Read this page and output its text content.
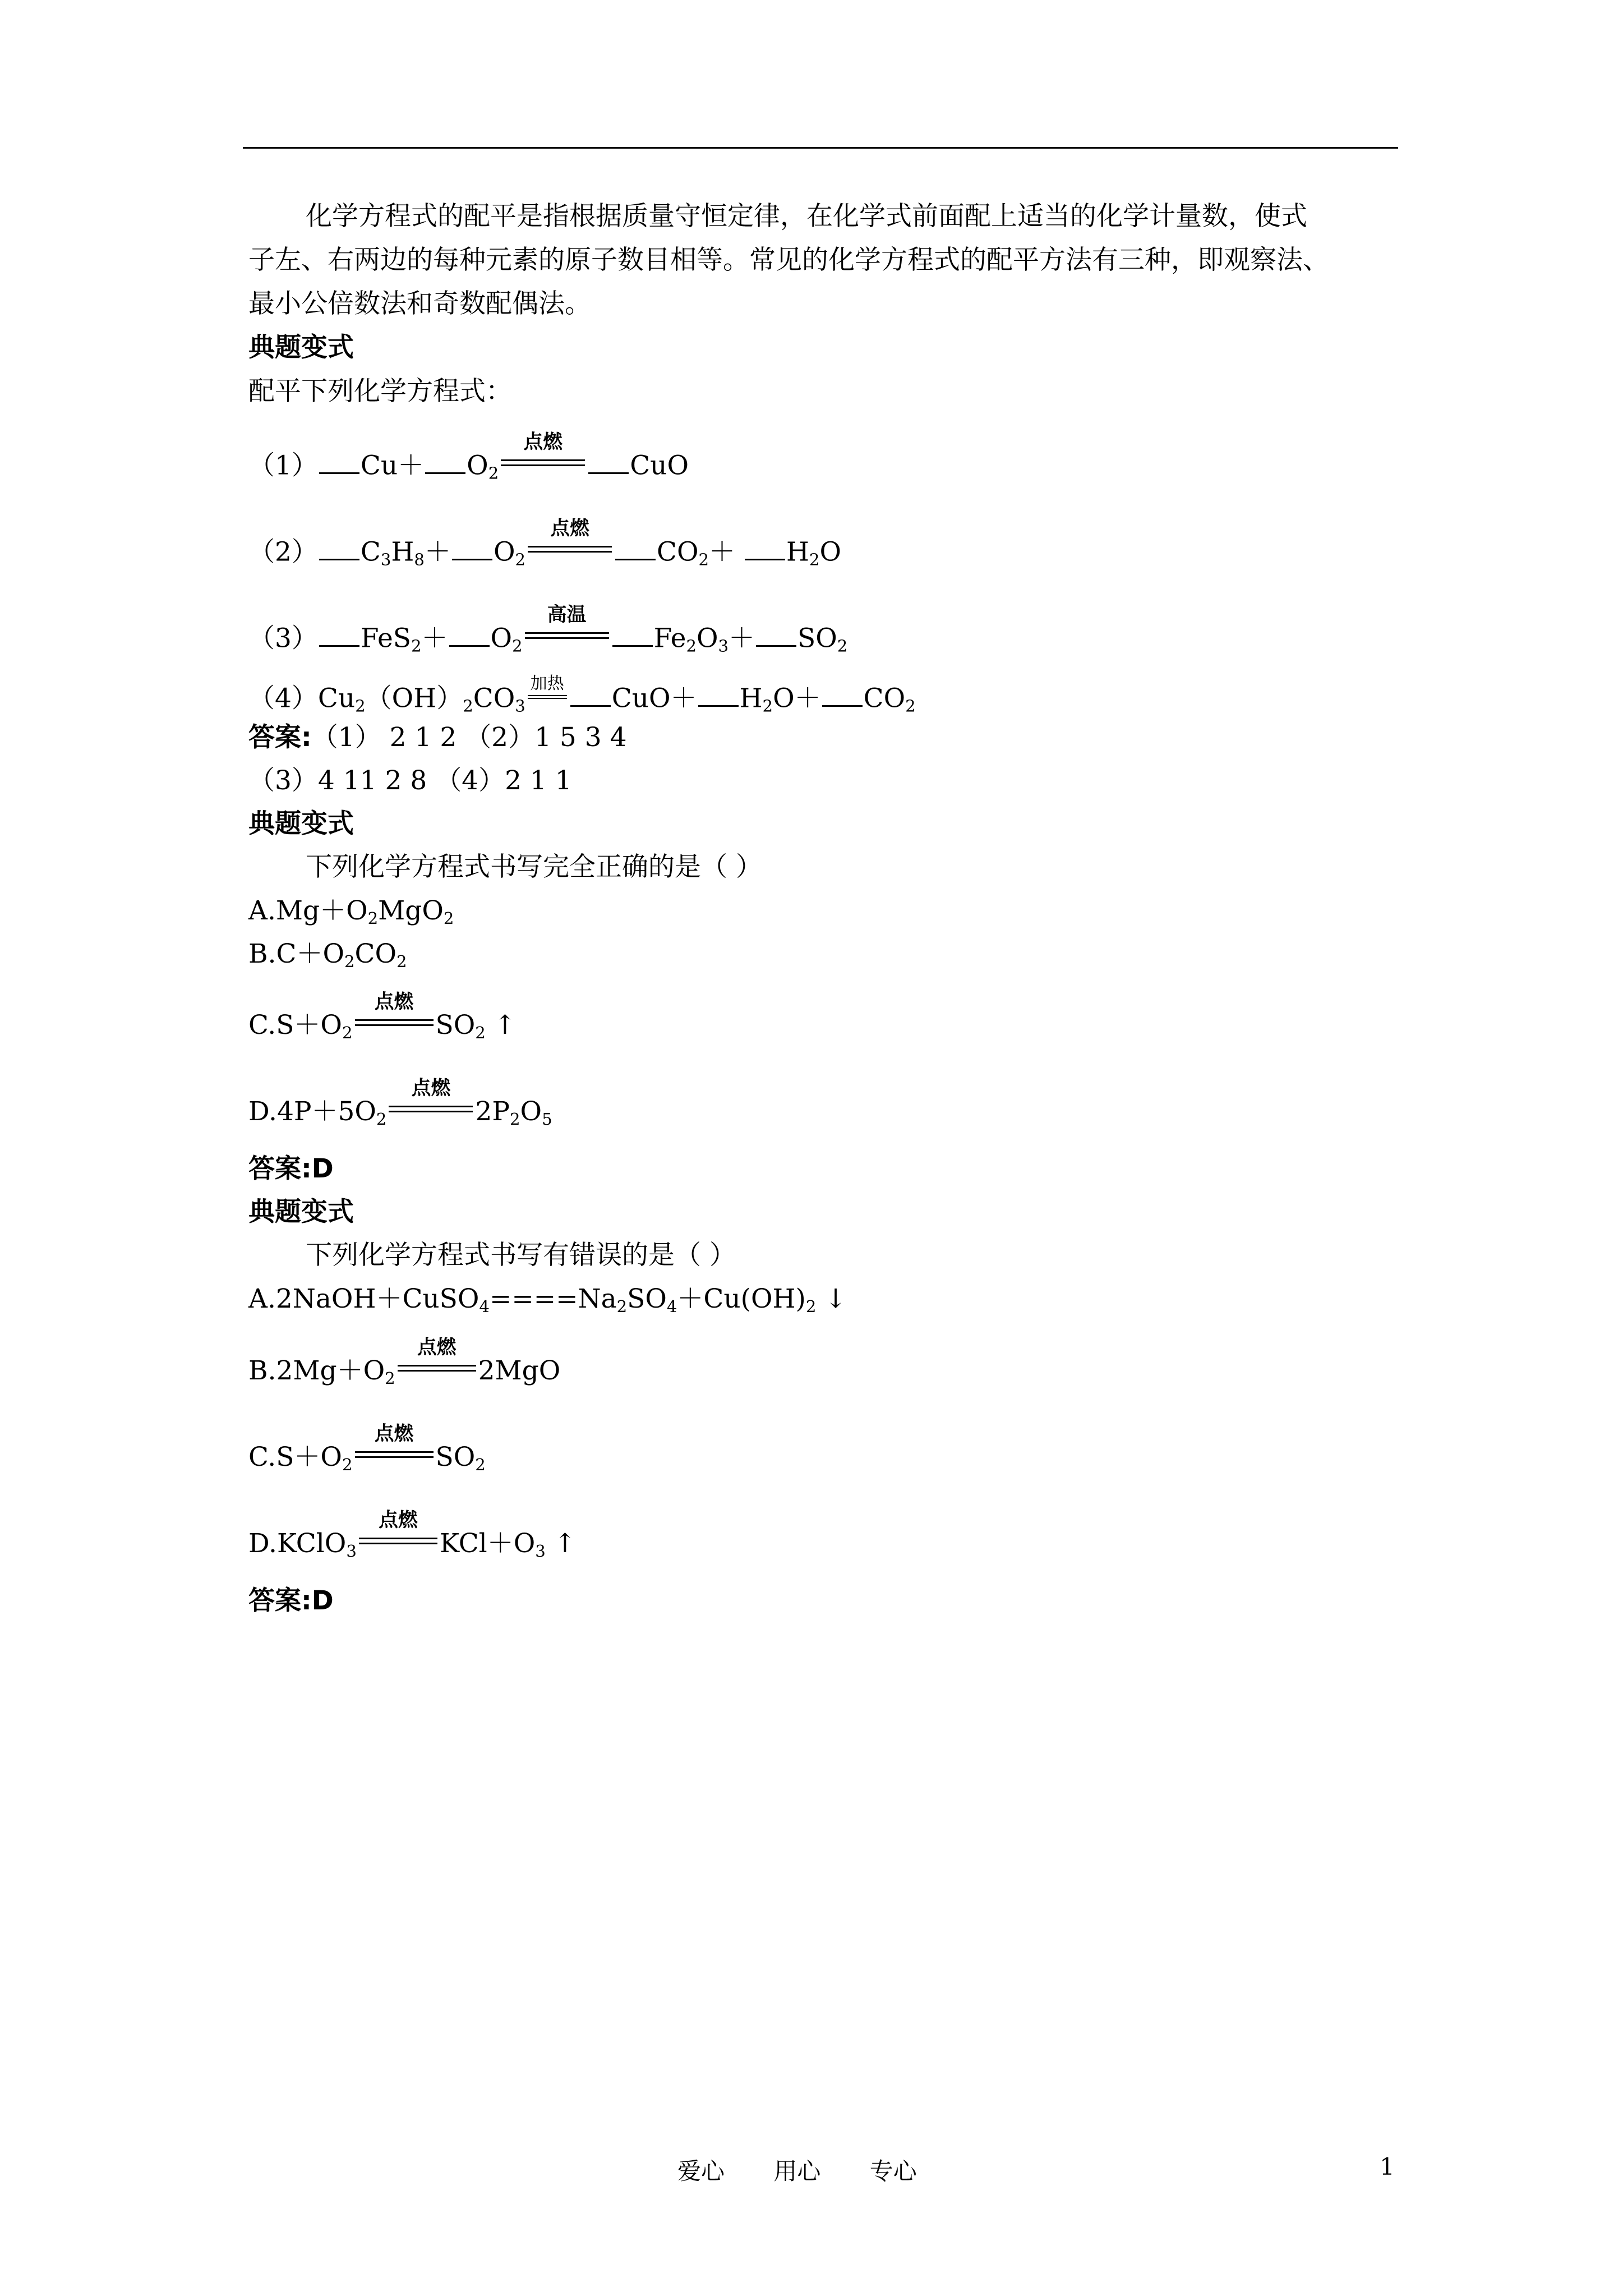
化学方程式的配平是指根据质量守恒定律，在化学式前面配上适当的化学计量数，使式
子左、右两边的每种元素的原子数目相等。常见的化学方程式的配平方法有三种，即观察法、
最小公倍数法和奇数配偶法。
典题变式
配平下列化学方程式：
（1） $Cu+ O_2$
点燃
CuO
（2） $C_3H_8+ O_2$
点燃
$CO_2+ H_2O$
（3） $FeS_2+ O_2$
高温
$Fe_2O_3+ SO_2$
$(4)Cu_2(OH)_2CO_3$
加热 $CuO+ H_2O+ CO_2$
答案:（1） 2 1 2 （2）1 5 3 4
（3）4 11 2 8 （4）2 1 1
典题变式
下列化学方程式书写完全正确的是（ ）
$A.Mg+O_2MgO_2$
$B.C+O_2CO_2$
$C.S+O_2$
点燃
$SO_2$ ↑
$D.4P+5O_2$
点燃
$2P_2O_5$
答案:D
典题变式
下列化学方程式书写有错误的是（ ）
$A.2NaOH+CuSO_4====Na_2SO_4+Cu(OH)_2$ ↓
$B.2Mg+O_2$
点燃
2MgO
$C.S+O_2$
点燃
$SO_2$
D.KClO$_3$
点燃
$KCl+O_3$ ↑
答案:D
爱心 用心 专心	1
